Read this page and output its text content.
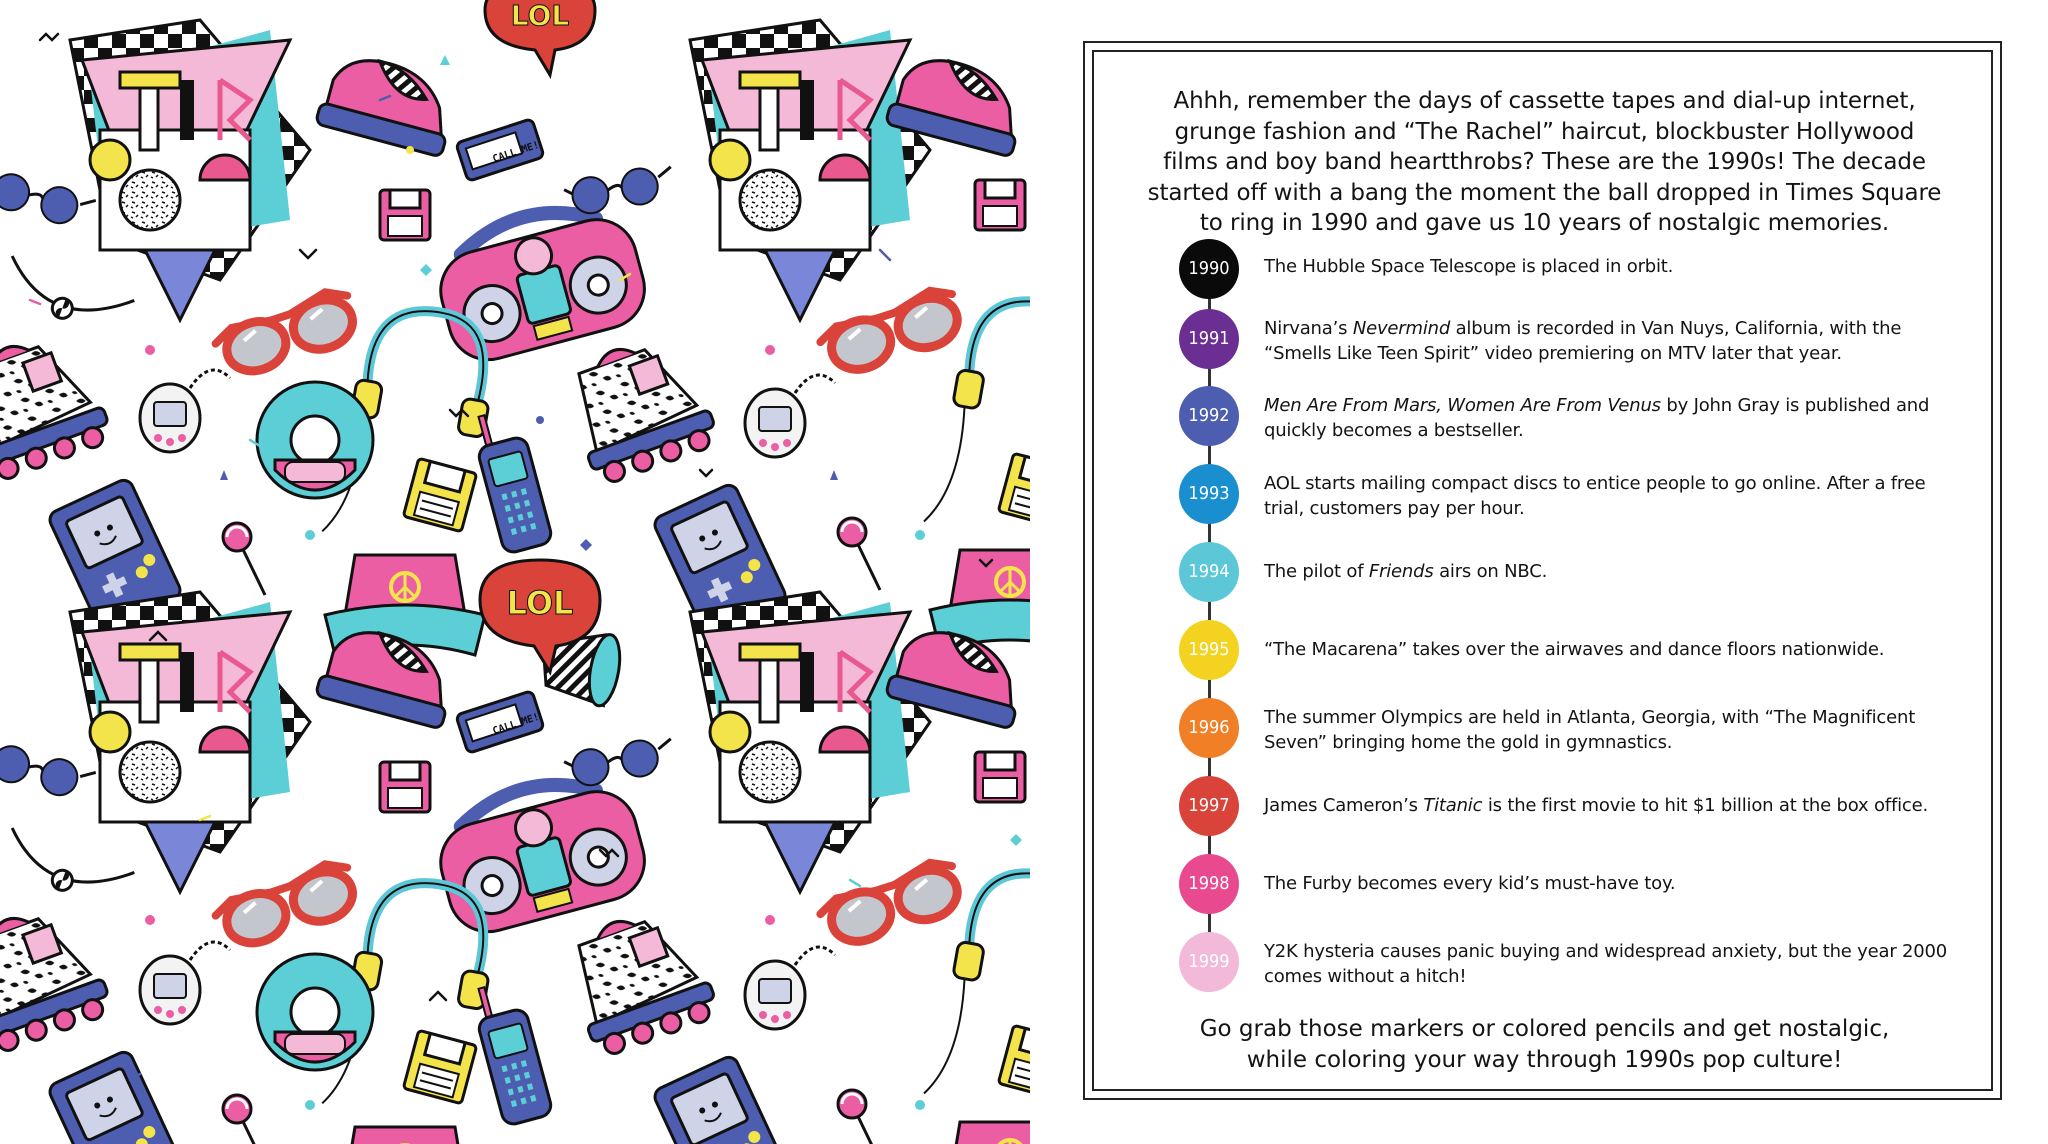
LOL
LOL
CALL ME!
CALL ME!
Ahhh, remember the days of cassette tapes and dial-up internet, grunge fashion and “The Rachel” haircut, blockbuster Hollywood films and boy band heartthrobs? These are the 1990s! The decade started off with a bang the moment the ball dropped in Times Square to ring in 1990 and gave us 10 years of nostalgic memories.
1990	The Hubble Space Telescope is placed in orbit.
1991	Nirvana’s Nevermind album is recorded in Van Nuys, California, with the “Smells Like Teen Spirit” video premiering on MTV later that year.
1992	Men Are From Mars, Women Are From Venus by John Gray is published and quickly becomes a bestseller.
1993	AOL starts mailing compact discs to entice people to go online. After a free trial, customers pay per hour.
1994	The pilot of Friends airs on NBC.
1995	“The Macarena” takes over the airwaves and dance floors nationwide.
1996	The summer Olympics are held in Atlanta, Georgia, with “The Magnificent Seven” bringing home the gold in gymnastics.
1997	James Cameron’s Titanic is the first movie to hit $1 billion at the box office.
1998	The Furby becomes every kid’s must-have toy.
1999	Y2K hysteria causes panic buying and widespread anxiety, but the year 2000 comes without a hitch!
Go grab those markers or colored pencils and get nostalgic,
while coloring your way through 1990s pop culture!
